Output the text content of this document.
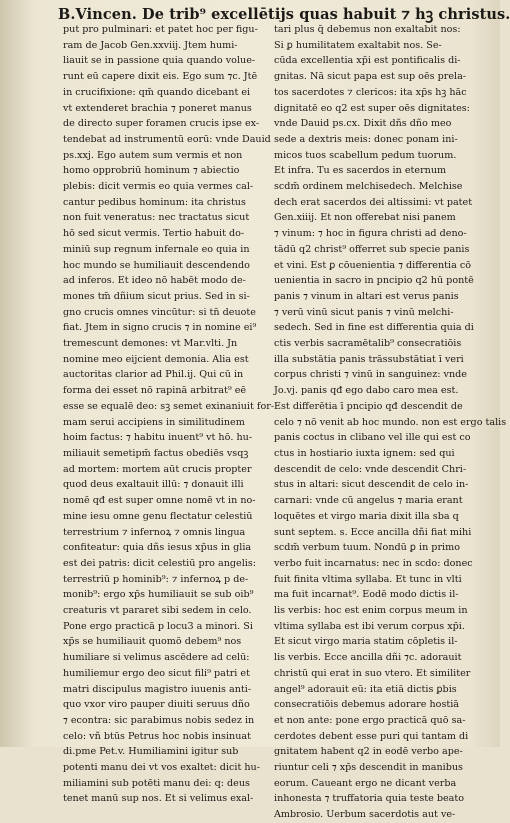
B.Vincen. De trib⁹ excellētijs quas habuit ⁊ hꝫ christus.
put pro pulminari: et patet hoc per figu-
ram de Jacob Gen.xxviij. Jtem humi-
liauit se in passione quia quando volue-
runt eū capere dixit eis. Ego sum ⁊c. Jtē
in crucifixione: qm̄ quando dicebant ei
vt extenderet brachia ⁊ poneret manus
de directo super foramen crucis ipse ex-
tendebat ad instrumentū eorū: vnde Dauid
ps.xxj. Ego autem sum vermis et non
homo opprobriū hominum ⁊ abiectio
plebis: dicit vermis eo quia vermes cal-
cantur pedibus hominum: ita christus
non fuit veneratus: nec tractatus sicut
hō sed sicut vermis. Tertio habuit do-
miniū sup regnum infernale eo quia in
hoc mundo se humiliauit descendendo
ad inferos. Et ideo nō habēt modo de-
mones tm̄ dñium sicut prius. Sed in si-
gno crucis omnes vincūtur: si tn̄ deuote
fiat. Jtem in signo crucis ⁊ in nomine ei⁹
tremescunt demones: vt Mar.vlti. Jn
nomine meo eijcient demonia. Alia est
auctoritas clarior ad Phil.ij. Qui cū in
forma dei esset nō rapinā arbitrat⁹ eē
esse se equalē deo: sꝫ semet exinaniuit for-
mam serui accipiens in similitudinem
hoim factus: ⁊ habitu inuent⁹ vt hō. hu-
miliauit semetipm̄ factus obediēs vsqꝫ
ad mortem: mortem aūt crucis propter
quod deus exaltauit illū: ⁊ donauit illi
nomē qđ est super omne nomē vt in no-
mine iesu omne genu flectatur celestiū
terrestrium ⁊ infernoꝝ ⁊ omnis lingua
confiteatur: quia dñs iesus xp̄us in glia
est dei patris: dicit celestiū pro angelis:
terrestriū p hominib⁹: ⁊ infernoꝝ p de-
monib⁹: ergo xp̄s humiliauit se sub oib⁹
creaturis vt pararet sibi sedem in celo.
Pone ergo practicā p locu3 a minori. Si
xp̄s se humiliauit quomō debem⁹ nos
humiliare si velimus ascēdere ad celū:
humiliemur ergo deo sicut fili⁹ patri et
matri discipulus magistro iuuenis anti-
quo vxor viro pauper diuiti seruus dño
⁊ econtra: sic parabimus nobis sedez in
celo: vñ btūs Petrus hoc nobis insinuat
di.pme Pet.v. Humiliamini igitur sub
potenti manu dei vt vos exaltet: dicit hu-
miliamini sub potēti manu dei: q: deus
tenet manū sup nos. Et si velimus exal-
tari plus q̄ debemus non exaltabit nos:
Si ꝑ humilitatem exaltabit nos. Se-
cūda excellentia xp̄i est pontificalis di-
gnitas. Nā sicut papa est sup oēs prela-
tos sacerdotes ⁊ clericos: ita xp̄s hꝫ hāc
dignitatē eo q2 est super oēs dignitates:
vnde Dauid ps.cx. Dixit dñs dño meo
sede a dextris meis: donec ponam ini-
micos tuos scabellum pedum tuorum.
Et infra. Tu es sacerdos in eternum
scdm̄ ordinem melchisedech. Melchise
dech erat sacerdos dei altissimi: vt patet
Gen.xiiij. Et non offerebat nisi panem
⁊ vinum: ⁊ hoc in figura christi ad deno-
tādū q2 christ⁹ offerret sub specie panis
et vini. Est ꝑ cōuenientia ⁊ differentia cō
uenientia in sacro in pncipio q2 hū pontē
panis ⁊ vinum in altari est verus panis
⁊ verū vinū sicut panis ⁊ vinū melchi-
sedech. Sed in fine est differentia quia di
ctis verbis sacramētalib⁹ consecratiōis
illa substātia panis trāssubstātiat ī veri
corpus christi ⁊ vinū in sanguinez: vnde
Jo.vj. panis qđ ego dabo caro mea est.
Est differētia ī pncipio qđ descendit de
celo ⁊ nō venit ab hoc mundo. non est ergo talis
panis coctus in clibano vel ille qui est co
ctus in hostiario iuxta ignem: sed qui
descendit de celo: vnde descendit Chri-
stus in altari: sicut descendit de celo in-
carnari: vnde cū angelus ⁊ maria erant
loquētes et virgo maria dixit illa sba q
sunt septem. s. Ecce ancilla dñi fiat mihi
scdm̄ verbum tuum. Nondū ꝑ in primo
verbo fuit incarnatus: nec in scdo: donec
fuit finita vltima syllaba. Et tunc in vlti
ma fuit incarnat⁹. Eodē modo dictis il-
lis verbis: hoc est enim corpus meum in
vltima syllaba est ibi verum corpus xp̄i.
Et sicut virgo maria statim cōpletis il-
lis verbis. Ecce ancilla dñi ⁊c. adorauit
christū qui erat in suo vtero. Et similiter
angel⁹ adorauit eū: ita etiā dictis ꝑbis
consecratiōis debemus adorare hostiā
et non ante: pone ergo practicā quō sa-
cerdotes debent esse puri qui tantam di
gnitatem habent q2 in eodē verbo ape-
riuntur celi ⁊ xp̄s descendit in manibus
eorum. Caueant ergo ne dicant verba
inhonesta ⁊ truffatoria quia teste beato
Ambrosio. Uerbum sacerdotis aut ve-
